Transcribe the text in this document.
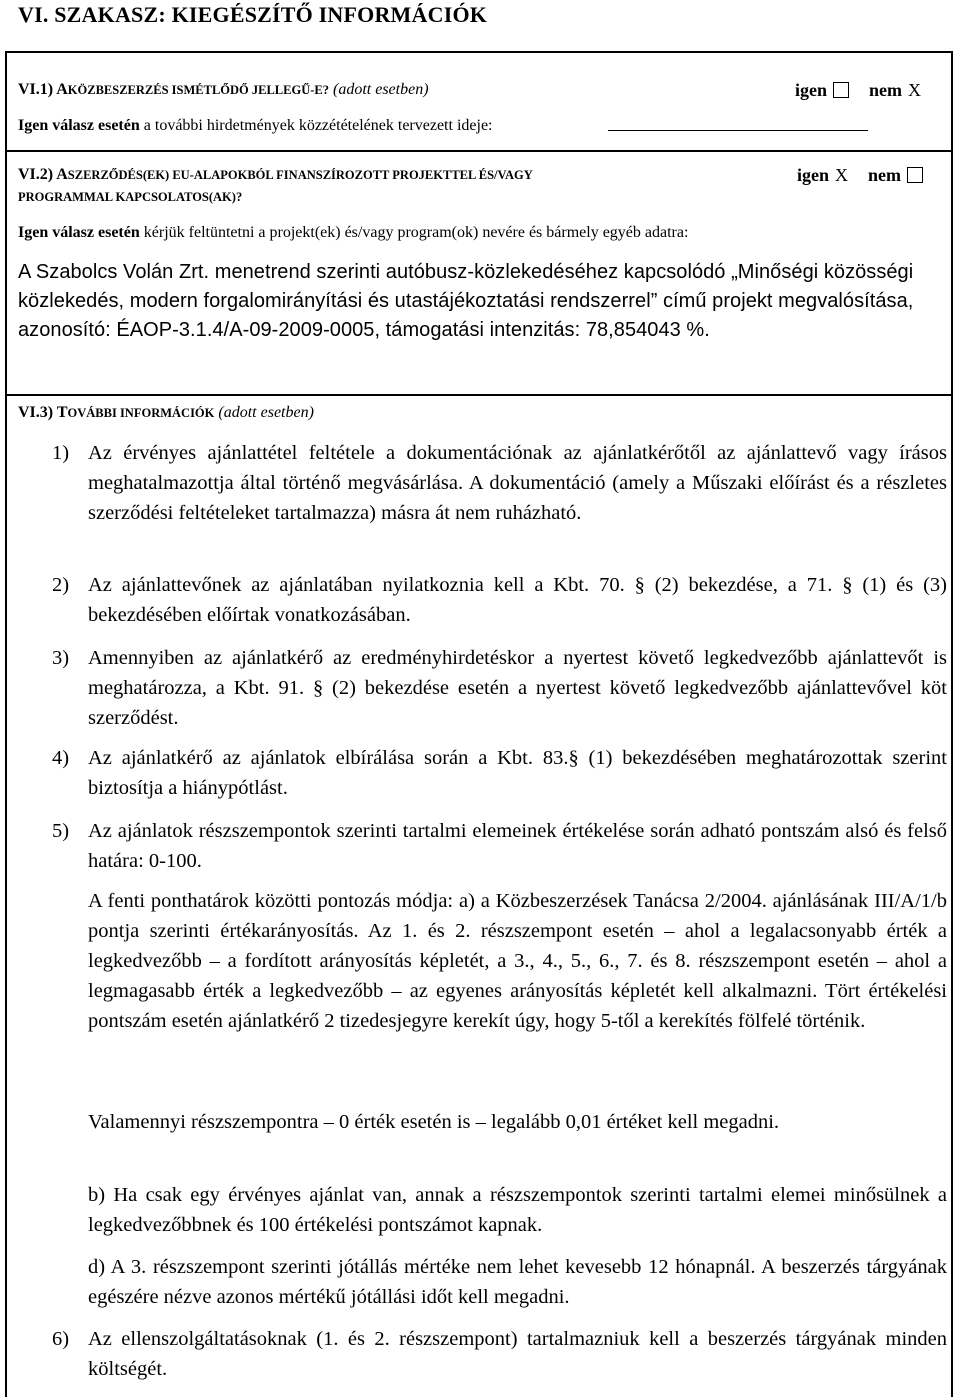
VI. SZAKASZ: KIEGÉSZÍTŐ INFORMÁCIÓK
VI.1) AKÖZBESZERZÉS ISMÉTLŐDŐ JELLEGŰ-E? (adott esetben)	igen nem X
Igen válasz esetén a további hirdetmények közzétételének tervezett ideje:
VI.2) ASZERZŐDÉS(EK) EU-ALAPOKBÓL FINANSZÍROZOTT PROJEKTTEL ÉS/VAGY
PROGRAMMAL KAPCSOLATOS(AK)?
igen X nem
Igen válasz esetén kérjük feltüntetni a projekt(ek) és/vagy program(ok) nevére és bármely egyéb adatra:
A Szabolcs Volán Zrt. menetrend szerinti autóbusz-közlekedéséhez kapcsolódó „Minőségi közösségi közlekedés, modern forgalomirányítási és utastájékoztatási rendszerrel” című projekt megvalósítása, azonosító: ÉAOP-3.1.4/A-09-2009-0005, támogatási intenzitás: 78,854043 %.
VI.3) TOVÁBBI INFORMÁCIÓK (adott esetben)
1) Az érvényes ajánlattétel feltétele a dokumentációnak az ajánlatkérőtől az ajánlattevő vagy írásos meghatalmazottja által történő megvásárlása. A dokumentáció (amely a Műszaki előírást és a részletes szerződési feltételeket tartalmazza) másra át nem ruházható.
2) Az ajánlattevőnek az ajánlatában nyilatkoznia kell a Kbt. 70. § (2) bekezdése, a 71. § (1) és (3) bekezdésében előírtak vonatkozásában.
3) Amennyiben az ajánlatkérő az eredményhirdetéskor a nyertest követő legkedvezőbb ajánlattevőt is meghatározza, a Kbt. 91. § (2) bekezdése esetén a nyertest követő legkedvezőbb ajánlattevővel köt szerződést.
4) Az ajánlatkérő az ajánlatok elbírálása során a Kbt. 83.§ (1) bekezdésében meghatározottak szerint biztosítja a hiánypótlást.
5) Az ajánlatok részszempontok szerinti tartalmi elemeinek értékelése során adható pontszám alsó és felső határa: 0-100.
A fenti ponthatárok közötti pontozás módja: a) a Közbeszerzések Tanácsa 2/2004. ajánlásának III/A/1/b pontja szerinti értékarányosítás. Az 1. és 2. részszempont esetén – ahol a legalacsonyabb érték a legkedvezőbb – a fordított arányosítás képletét, a 3., 4., 5., 6., 7. és 8. részszempont esetén – ahol a legmagasabb érték a legkedvezőbb – az egyenes arányosítás képletét kell alkalmazni. Tört értékelési pontszám esetén ajánlatkérő 2 tizedesjegyre kerekít úgy, hogy 5-től a kerekítés fölfelé történik.
Valamennyi részszempontra – 0 érték esetén is – legalább 0,01 értéket kell megadni.
b) Ha csak egy érvényes ajánlat van, annak a részszempontok szerinti tartalmi elemei minősülnek a legkedvezőbbnek és 100 értékelési pontszámot kapnak.
d) A 3. részszempont szerinti jótállás mértéke nem lehet kevesebb 12 hónapnál. A beszerzés tárgyának egészére nézve azonos mértékű jótállási időt kell megadni.
6) Az ellenszolgáltatásoknak (1. és 2. részszempont) tartalmazniuk kell a beszerzés tárgyának minden költségét.
